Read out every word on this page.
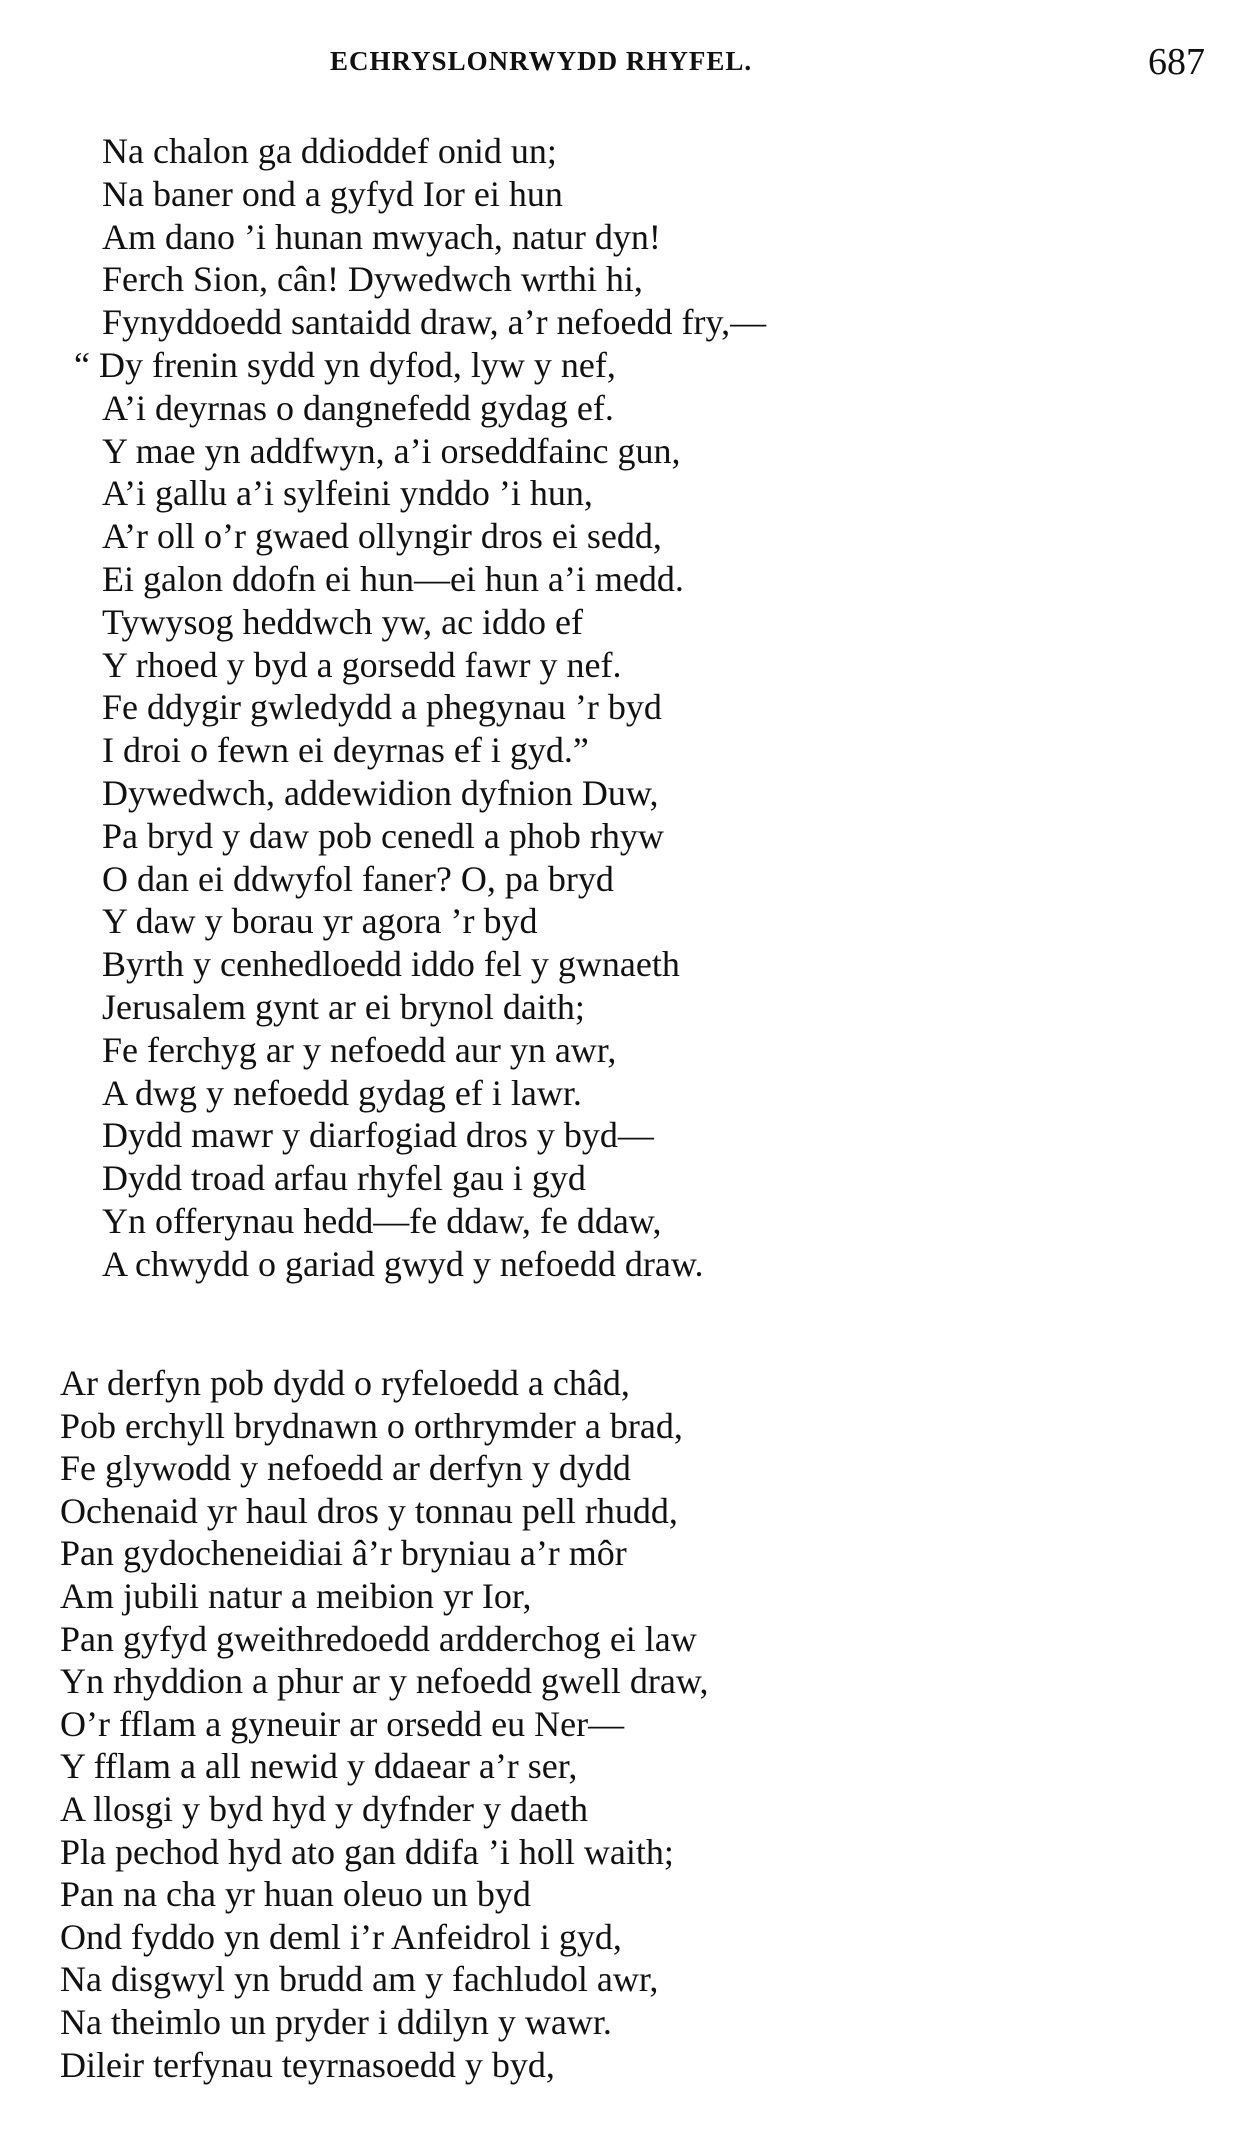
ECHRYSLONRWYDD RHYFEL.	687
Na chalon ga ddioddef onid un;
Na baner ond a gyfyd Ior ei hun
Am dano ’i hunan mwyach, natur dyn!
Ferch Sion, cân! Dywedwch wrthi hi,
Fynyddoedd santaidd draw, a’r nefoedd fry,—
“ Dy frenin sydd yn dyfod, lyw y nef,
A’i deyrnas o dangnefedd gydag ef.
Y mae yn addfwyn, a’i orseddfainc gun,
A’i gallu a’i sylfeini ynddo ’i hun,
A’r oll o’r gwaed ollyngir dros ei sedd,
Ei galon ddofn ei hun—ei hun a’i medd.
Tywysog heddwch yw, ac iddo ef
Y rhoed y byd a gorsedd fawr y nef.
Fe ddygir gwledydd a phegynau ’r byd
I droi o fewn ei deyrnas ef i gyd.”
Dywedwch, addewidion dyfnion Duw,
Pa bryd y daw pob cenedl a phob rhyw
O dan ei ddwyfol faner? O, pa bryd
Y daw y borau yr agora ’r byd
Byrth y cenhedloedd iddo fel y gwnaeth
Jerusalem gynt ar ei brynol daith;
Fe ferchyg ar y nefoedd aur yn awr,
A dwg y nefoedd gydag ef i lawr.
Dydd mawr y diarfogiad dros y byd—
Dydd troad arfau rhyfel gau i gyd
Yn offerynau hedd—fe ddaw, fe ddaw,
A chwydd o gariad gwyd y nefoedd draw.
Ar derfyn pob dydd o ryfeloedd a châd,
Pob erchyll brydnawn o orthrymder a brad,
Fe glywodd y nefoedd ar derfyn y dydd
Ochenaid yr haul dros y tonnau pell rhudd,
Pan gydocheneidiai â’r bryniau a’r môr
Am jubili natur a meibion yr Ior,
Pan gyfyd gweithredoedd ardderchog ei law
Yn rhyddion a phur ar y nefoedd gwell draw,
O’r fflam a gyneuir ar orsedd eu Ner—
Y fflam a all newid y ddaear a’r ser,
A llosgi y byd hyd y dyfnder y daeth
Pla pechod hyd ato gan ddifa ’i holl waith;
Pan na cha yr huan oleuo un byd
Ond fyddo yn deml i’r Anfeidrol i gyd,
Na disgwyl yn brudd am y fachludol awr,
Na theimlo un pryder i ddilyn y wawr.
Dileir terfynau teyrnasoedd y byd,
